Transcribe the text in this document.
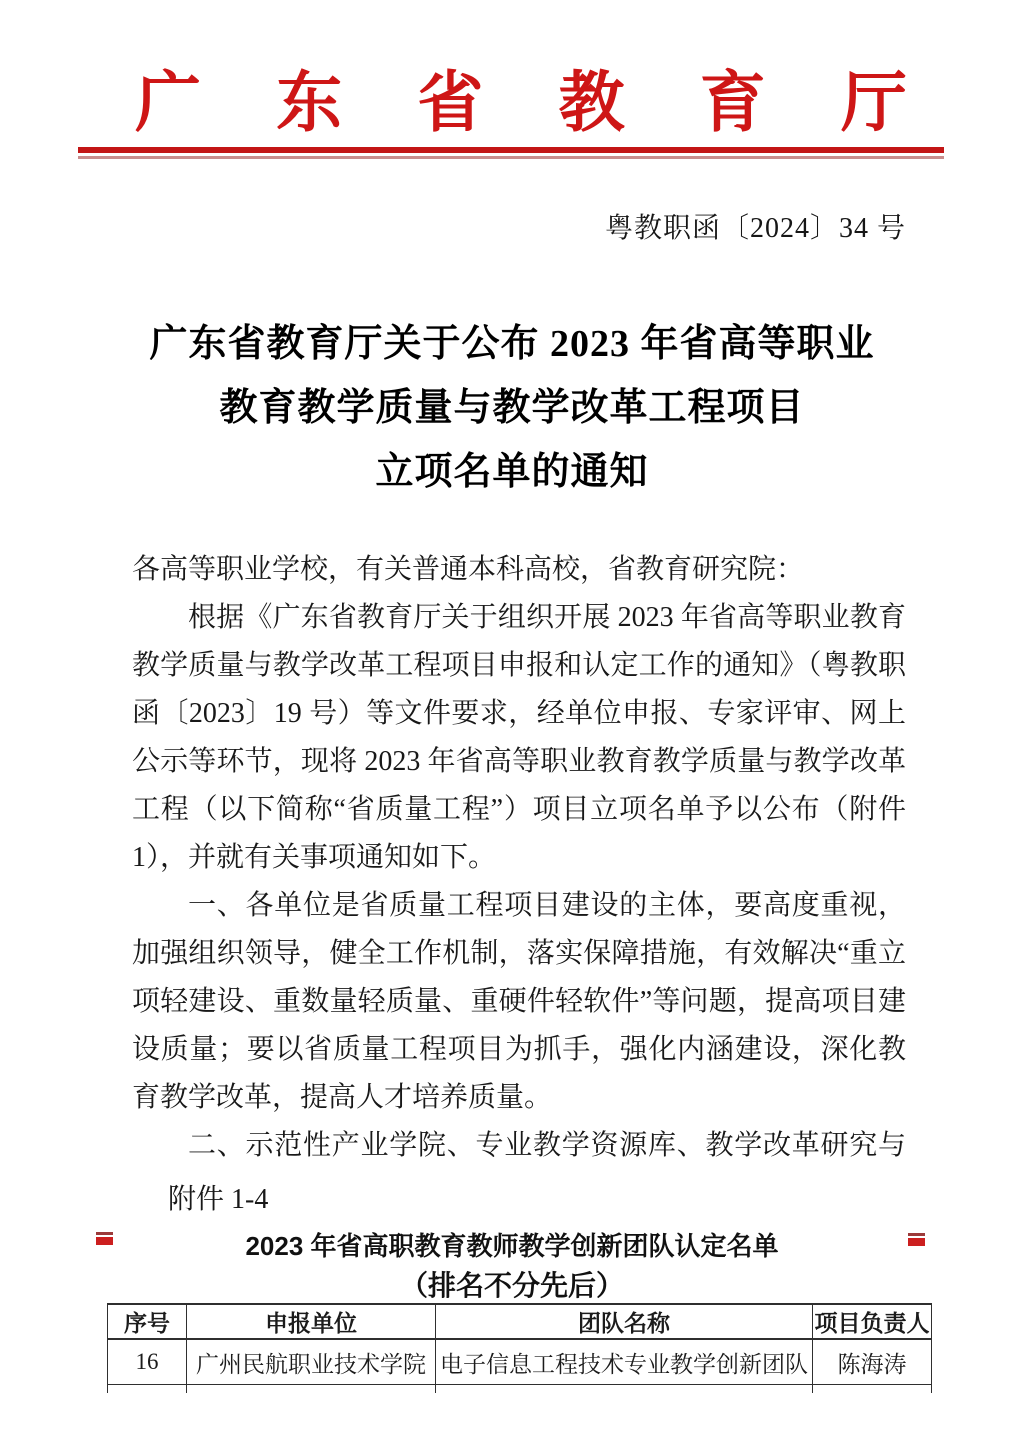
广 东 省 教 育 厅
粤教职函〔2024〕34 号
广东省教育厅关于公布 2023 年省高等职业
教育教学质量与教学改革工程项目
立项名单的通知
各高等职业学校，有关普通本科高校，省教育研究院：
根据《广东省教育厅关于组织开展 2023 年省高等职业教育
教学质量与教学改革工程项目申报和认定工作的通知》（粤教职
函〔2023〕19 号）等文件要求，经单位申报、专家评审、网上
公示等环节，现将 2023 年省高等职业教育教学质量与教学改革
工程（以下简称“省质量工程”）项目立项名单予以公布（附件
1），并就有关事项通知如下。
一、各单位是省质量工程项目建设的主体，要高度重视，
加强组织领导，健全工作机制，落实保障措施，有效解决“重立
项轻建设、重数量轻质量、重硬件轻软件”等问题，提高项目建
设质量；要以省质量工程项目为抓手，强化内涵建设，深化教
育教学改革，提高人才培养质量。
二、示范性产业学院、专业教学资源库、教学改革研究与
附件 1-4
2023 年省高职教育教师教学创新团队认定名单
（排名不分先后）
序号	申报单位	团队名称	项目负责人
16	广州民航职业技术学院	电子信息工程技术专业教学创新团队	陈海涛
